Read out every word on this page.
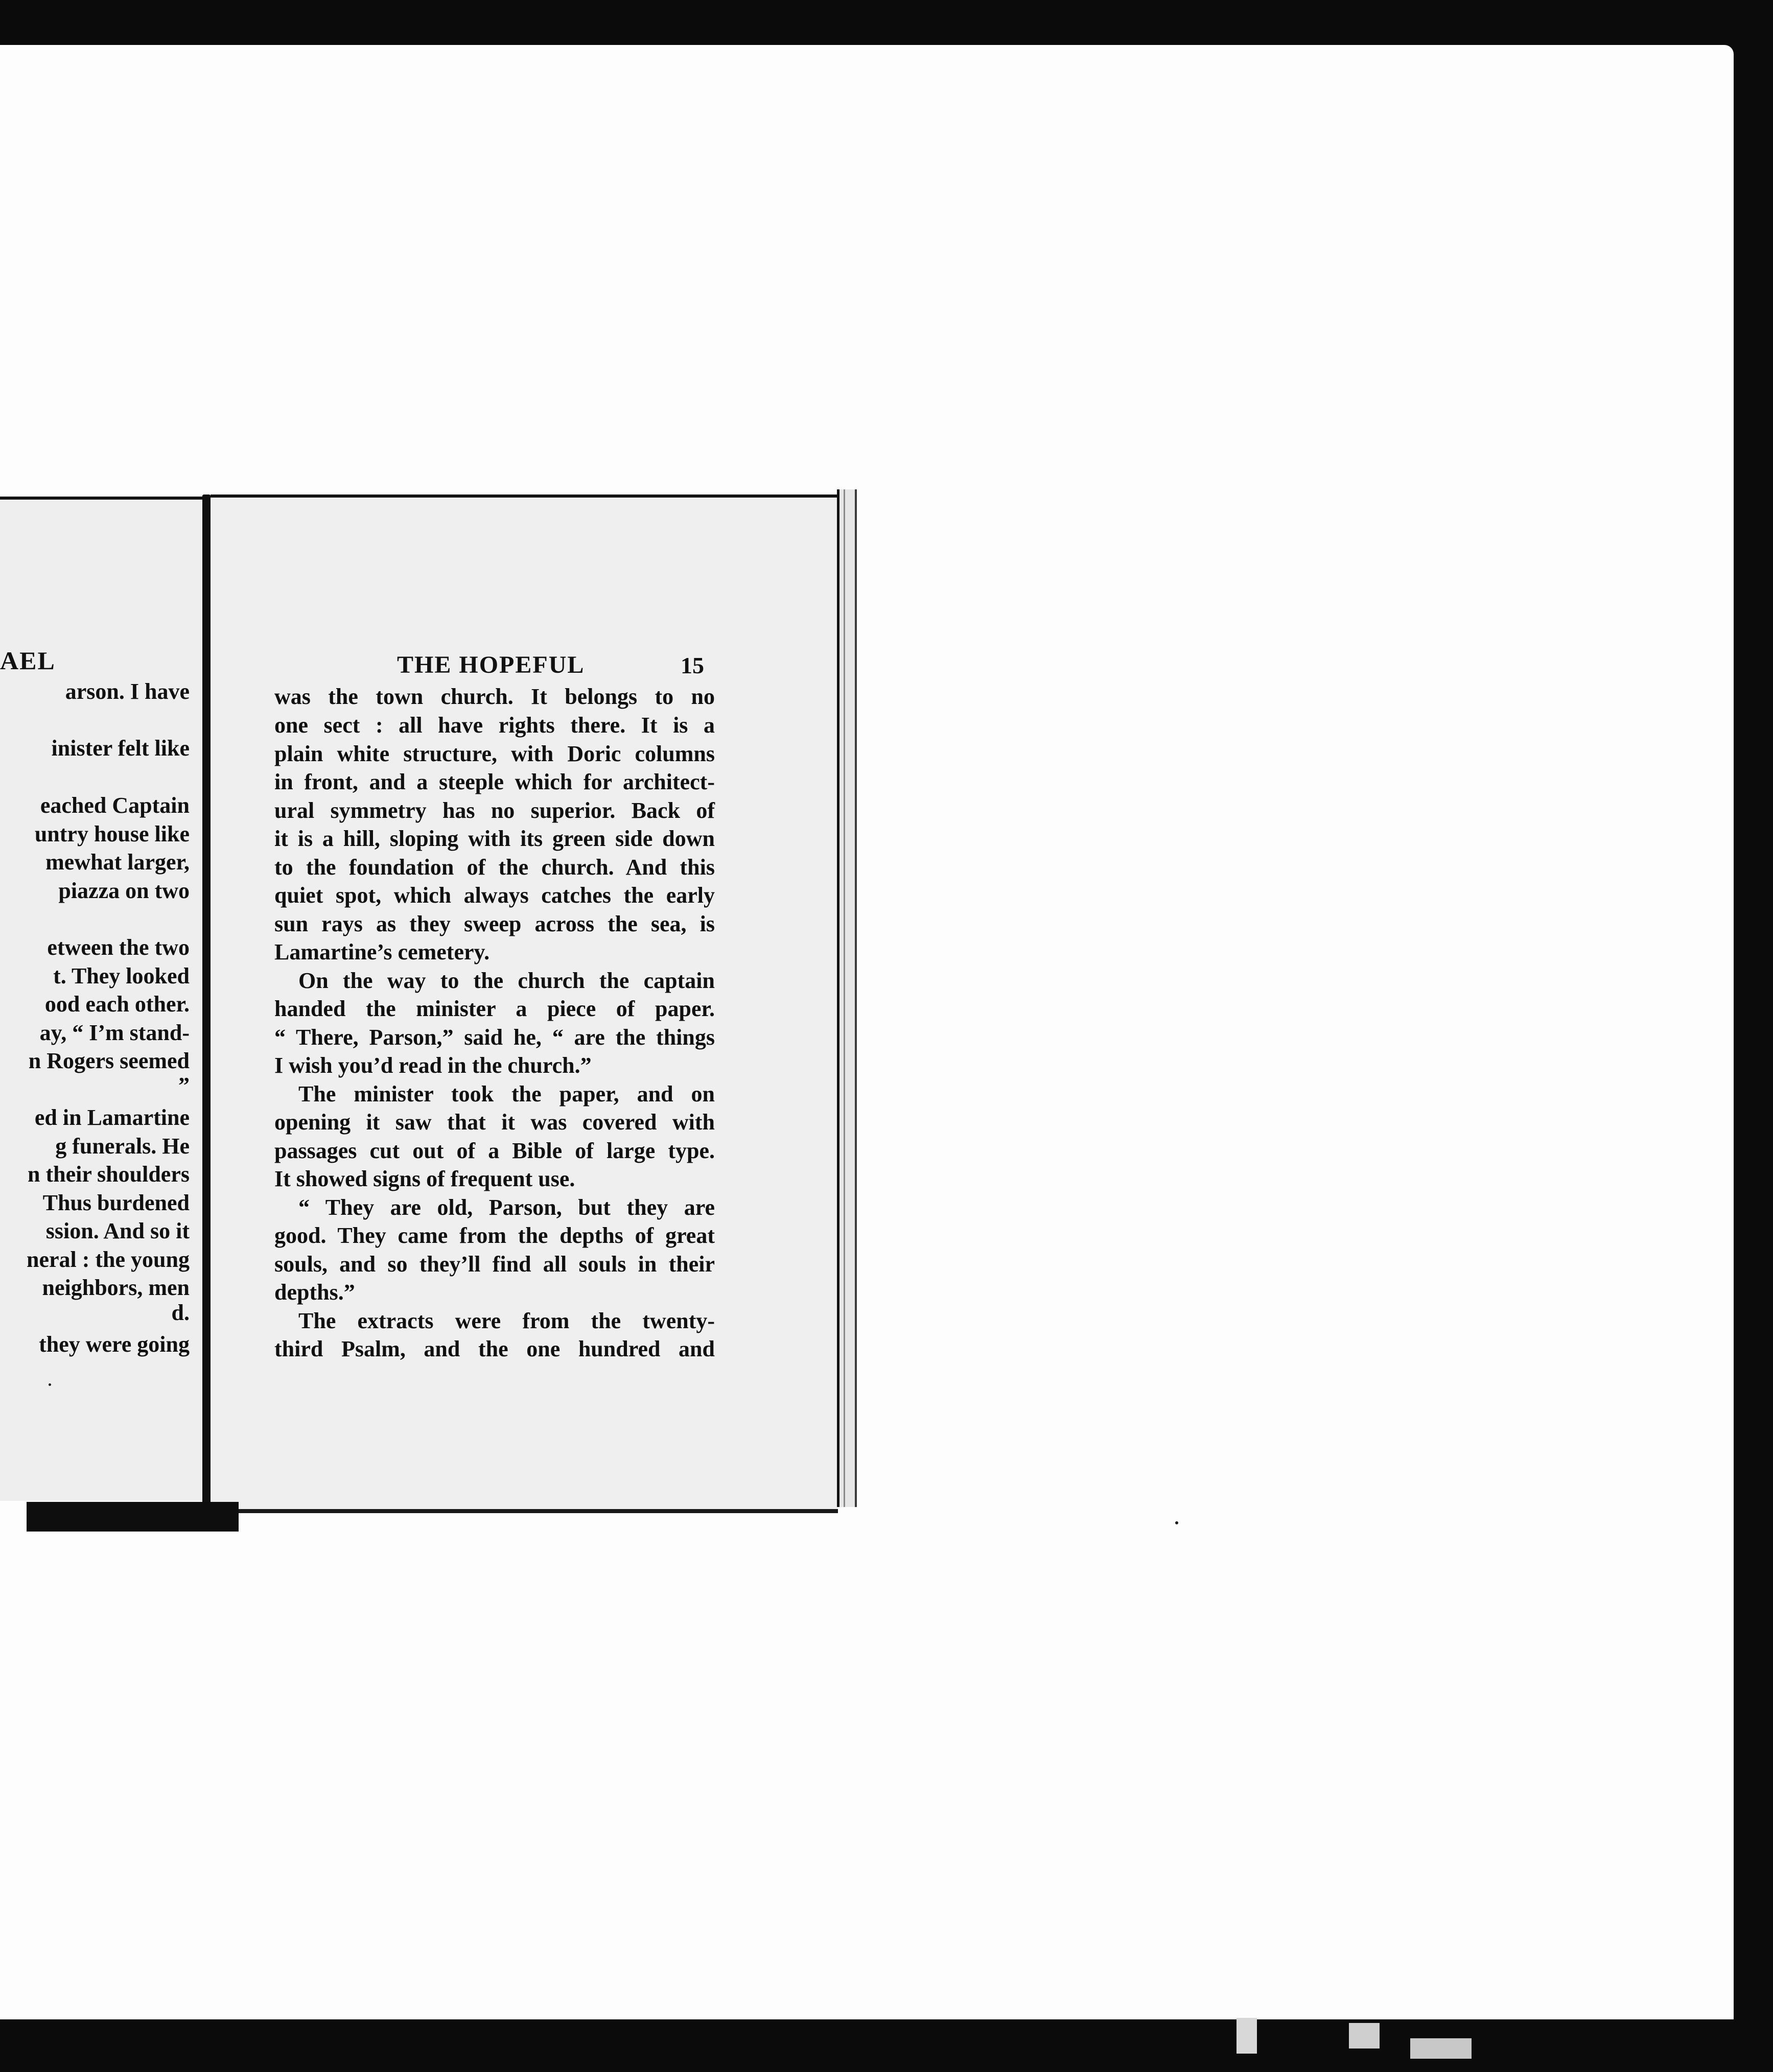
AEL
arson. I have
inister felt like
eached Captain
untry house like
mewhat larger,
piazza on two
etween the two
t. They looked
ood each other.
ay, “ I’m stand-
n Rogers seemed
”
ed in Lamartine
g funerals. He
n their shoulders
Thus burdened
ssion. And so it
neral : the young
neighbors, men
d.
they were going
THE HOPEFUL	15
was the town church. It belongs to no
one sect : all have rights there. It is a
plain white structure, with Doric columns
in front, and a steeple which for architect-
ural symmetry has no superior. Back of
it is a hill, sloping with its green side down
to the foundation of the church. And this
quiet spot, which always catches the early
sun rays as they sweep across the sea, is
Lamartine’s cemetery.
On the way to the church the captain
handed the minister a piece of paper.
“ There, Parson,” said he, “ are the things
I wish you’d read in the church.”
The minister took the paper, and on
opening it saw that it was covered with
passages cut out of a Bible of large type.
It showed signs of frequent use.
“ They are old, Parson, but they are
good. They came from the depths of great
souls, and so they’ll find all souls in their
depths.”
The extracts were from the twenty-
third Psalm, and the one hundred and
